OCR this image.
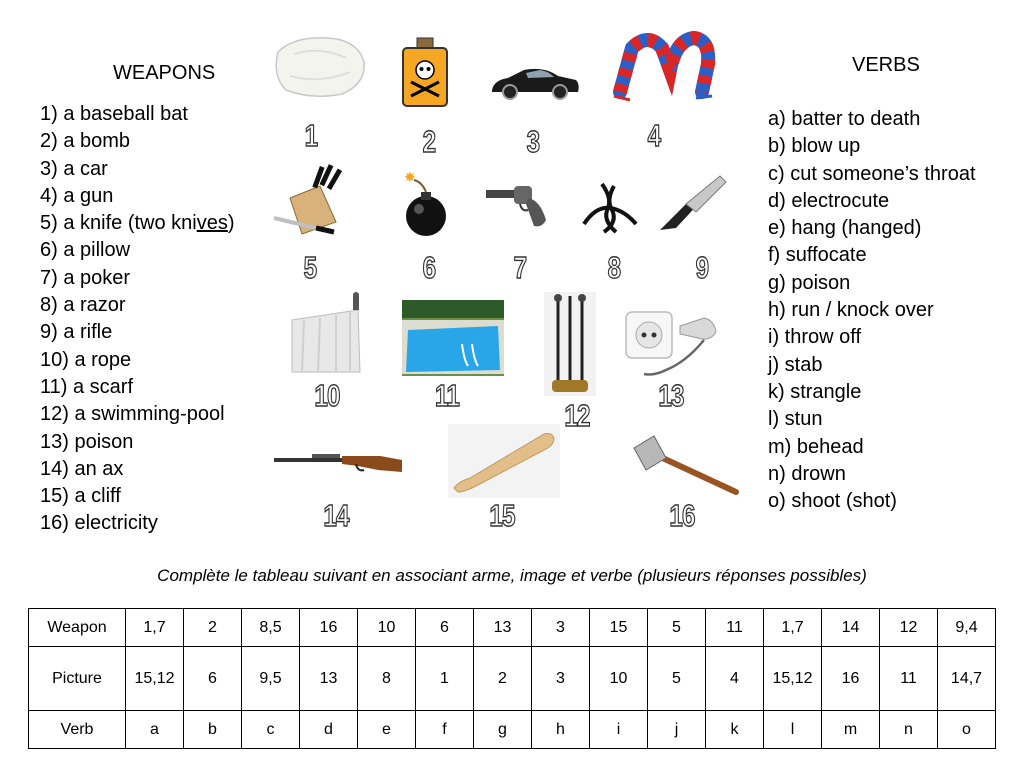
WEAPONS	VERBS
1) a baseball bat
2) a bomb
3) a car
4) a gun
5) a knife (two knives)
6) a pillow
7) a poker
8) a razor
9) a rifle
10) a rope
11) a scarf
12) a swimming-pool
13) poison
14) an ax
15) a cliff
16) electricity
a) batter to death
b) blow up
c) cut someone’s throat
d) electrocute
e) hang (hanged)
f) suffocate
g) poison
h) run / knock over
i) throw off
j) stab
k) strangle
l) stun
m) behead
n) drown
o) shoot (shot)
✸
1	2	3	4
5	6	7	8	9
10	11
12
13
14	15	16
Complète le tableau suivant en associant arme, image et verbe (plusieurs réponses possibles)
Weapon	1,7	2	8,5	16	10	6	13	3	15	5	11	1,7	14	12	9,4
Picture	15,12	6	9,5	13	8	1	2	3	10	5	4	15,12	16	11	14,7
Verb	a	b	c	d	e	f	g	h	i	j	k	l	m	n	o
